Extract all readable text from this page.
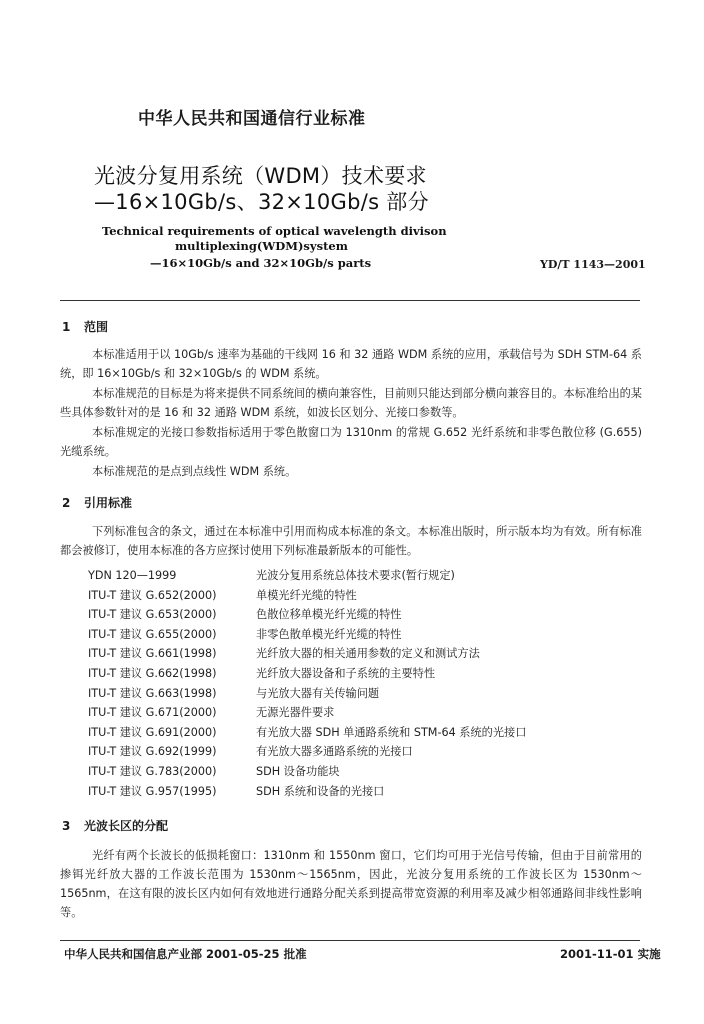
中华人民共和国通信行业标准
光波分复用系统（WDM）技术要求
—16×10Gb/s、32×10Gb/s 部分
Technical requirements of optical wavelength divison
multiplexing(WDM)system
—16×10Gb/s and 32×10Gb/s parts	YD/T 1143—2001
1 范围

本标准适用于以 10Gb/s 速率为基础的干线网 16 和 32 通路 WDM 系统的应用，承载信号为 SDH STM-64 系统，即 16×10Gb/s 和 32×10Gb/s 的 WDM 系统。

本标准规范的目标是为将来提供不同系统间的横向兼容性，目前则只能达到部分横向兼容目的。本标准给出的某些具体参数针对的是 16 和 32 通路 WDM 系统，如波长区划分、光接口参数等。

本标准规定的光接口参数指标适用于零色散窗口为 1310nm 的常规 G.652 光纤系统和非零色散位移 (G.655)光缆系统。

本标准规范的是点到点线性 WDM 系统。

2 引用标准

下列标准包含的条文，通过在本标准中引用而构成本标准的条文。本标准出版时，所示版本均为有效。所有标准都会被修订，使用本标准的各方应探讨使用下列标准最新版本的可能性。

YDN 120—1999	光波分复用系统总体技术要求(暂行规定)
ITU-T 建议 G.652(2000)	单模光纤光缆的特性
ITU-T 建议 G.653(2000)	色散位移单模光纤光缆的特性
ITU-T 建议 G.655(2000)	非零色散单模光纤光缆的特性
ITU-T 建议 G.661(1998)	光纤放大器的相关通用参数的定义和测试方法
ITU-T 建议 G.662(1998)	光纤放大器设备和子系统的主要特性
ITU-T 建议 G.663(1998)	与光放大器有关传输问题
ITU-T 建议 G.671(2000)	无源光器件要求
ITU-T 建议 G.691(2000)	有光放大器 SDH 单通路系统和 STM-64 系统的光接口
ITU-T 建议 G.692(1999)	有光放大器多通路系统的光接口
ITU-T 建议 G.783(2000)	SDH 设备功能块
ITU-T 建议 G.957(1995)	SDH 系统和设备的光接口
3 光波长区的分配

光纤有两个长波长的低损耗窗口：1310nm 和 1550nm 窗口，它们均可用于光信号传输，但由于目前常用的掺铒光纤放大器的工作波长范围为 1530nm～1565nm，因此，光波分复用系统的工作波长区为 1530nm～1565nm，在这有限的波长区内如何有效地进行通路分配关系到提高带宽资源的利用率及减少相邻通路间非线性影响等。

中华人民共和国信息产业部 2001-05-25 批准	2001-11-01 实施
